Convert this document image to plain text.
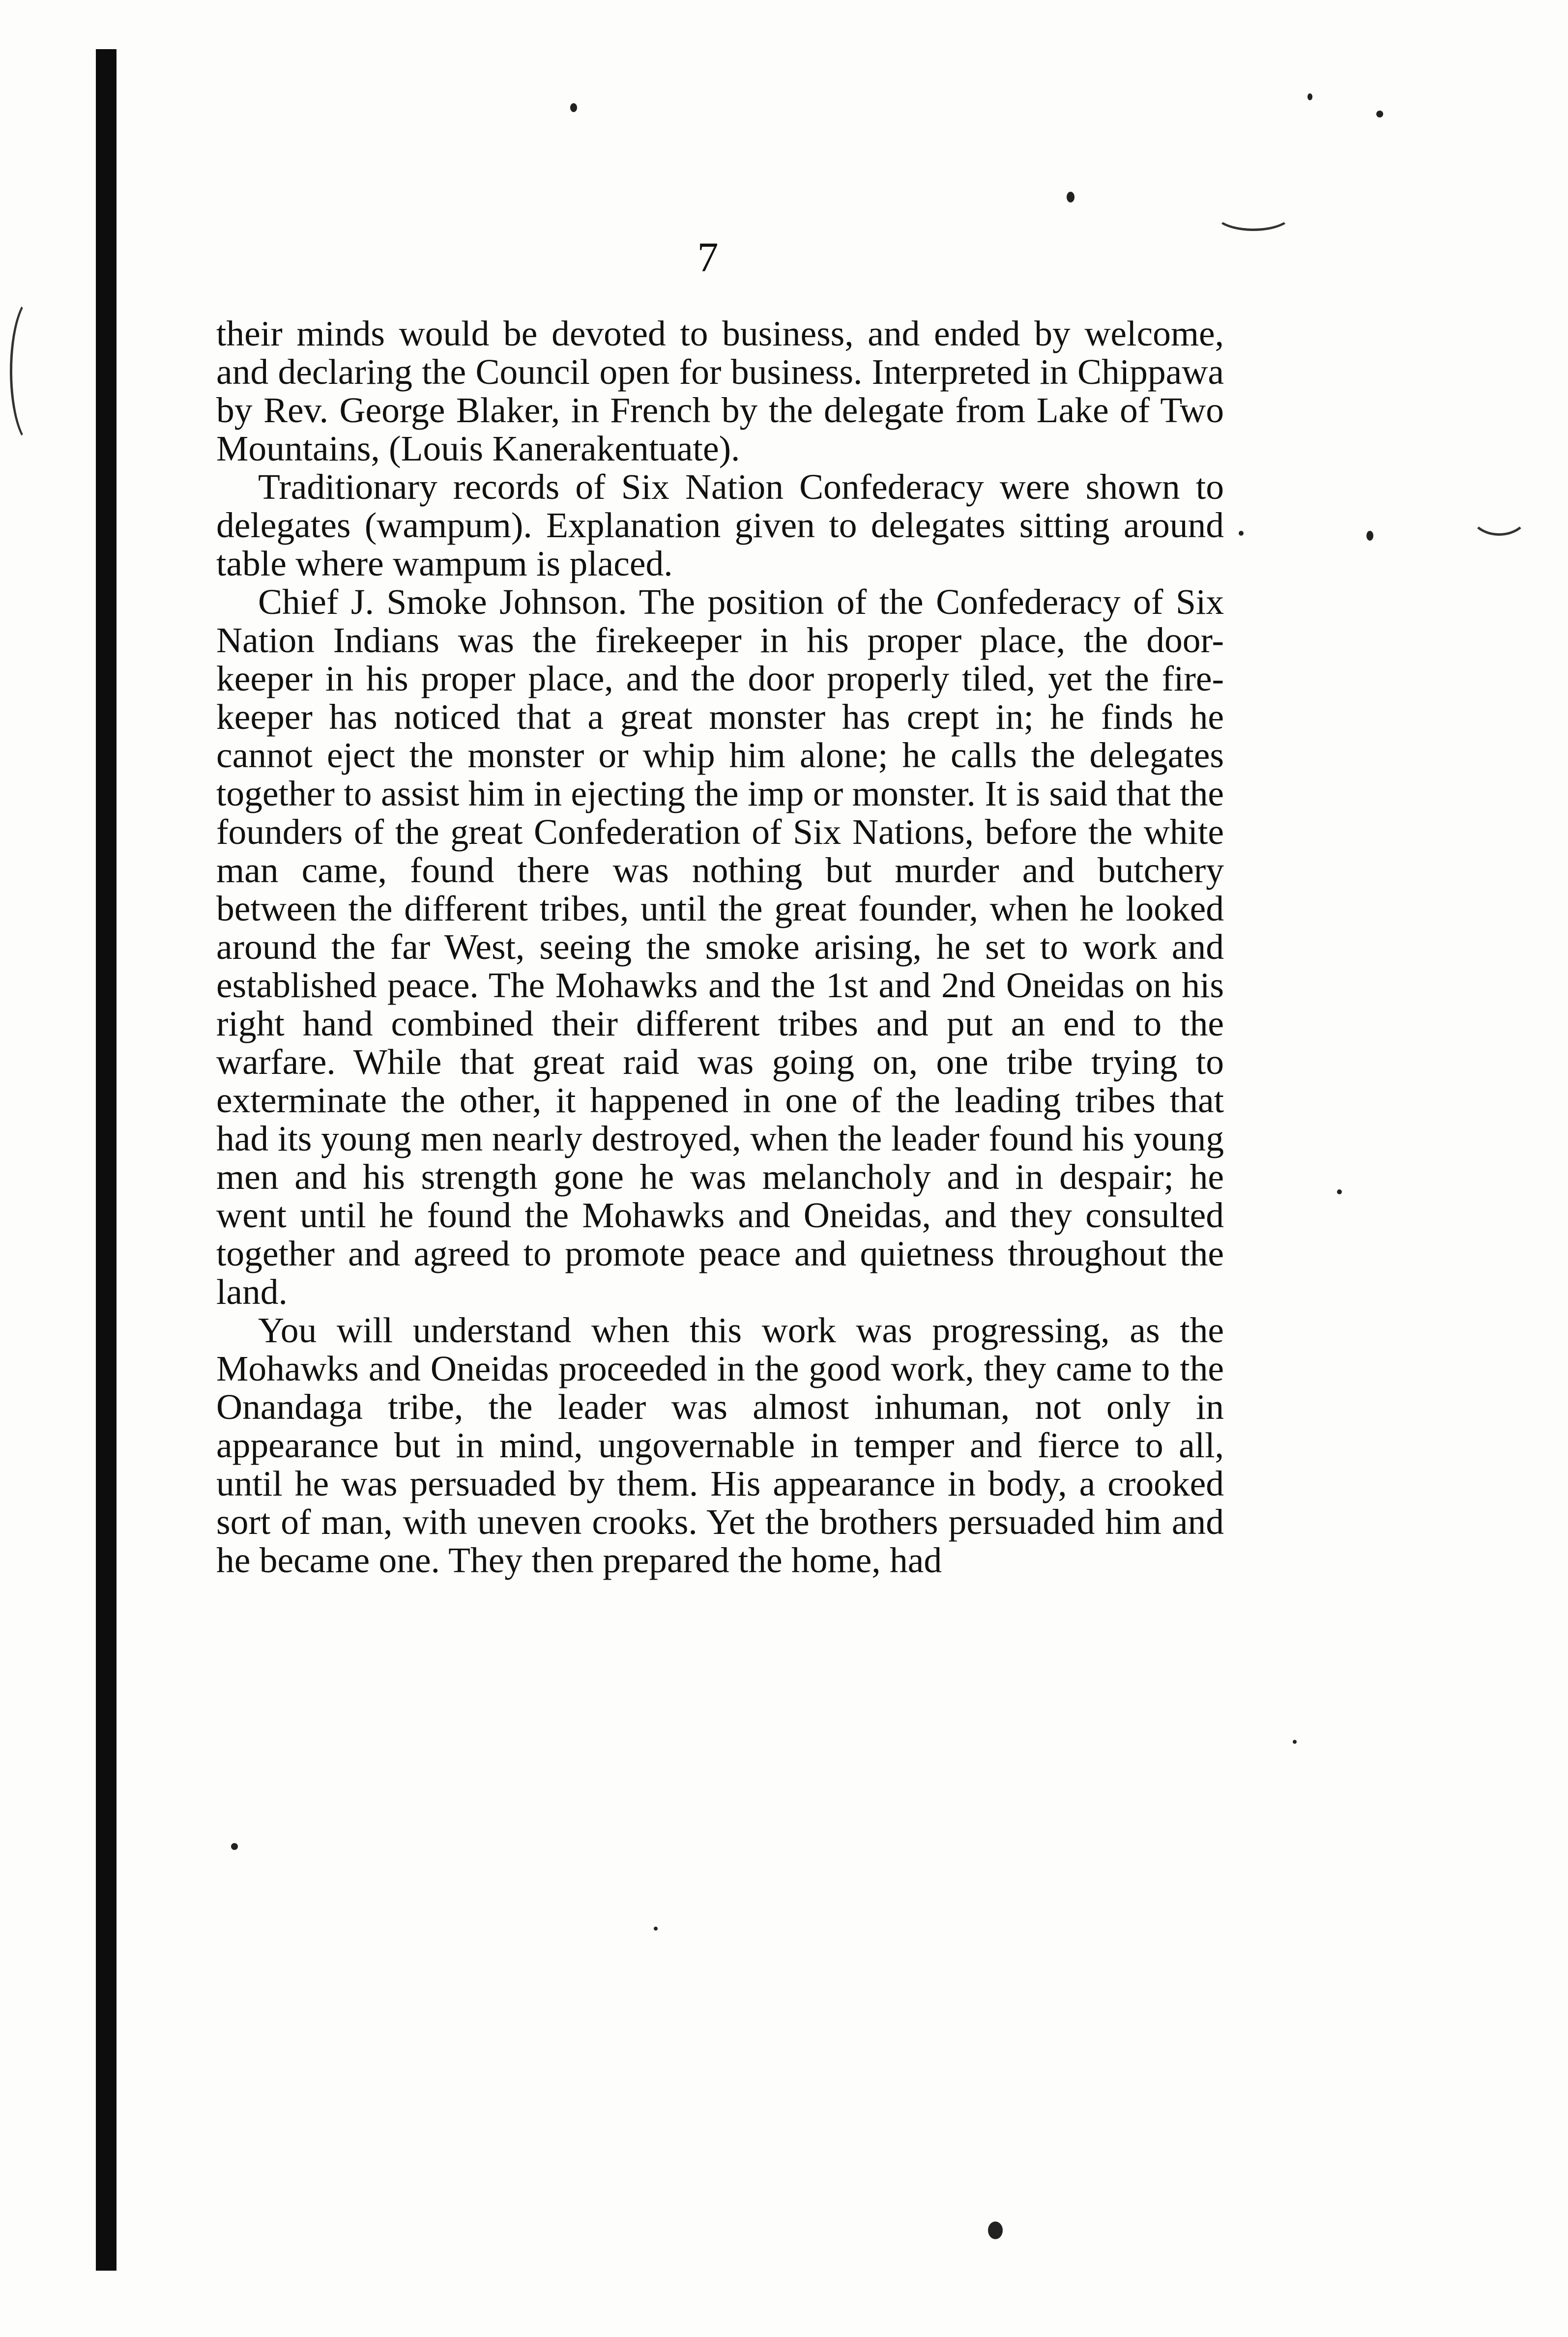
7

their minds would be devoted to business, and ended by welcome, and declaring the Council open for business. Interpreted in Chippawa by Rev. George Blaker, in French by the delegate from Lake of Two Mountains, (Louis Kanerakentuate).

Traditionary records of Six Nation Confederacy were shown to delegates (wampum). Explanation given to delegates sitting around table where wampum is placed.

Chief J. Smoke Johnson. The position of the Confederacy of Six Nation Indians was the firekeeper in his proper place, the door-keeper in his proper place, and the door properly tiled, yet the fire-keeper has noticed that a great monster has crept in; he finds he cannot eject the monster or whip him alone; he calls the delegates together to assist him in ejecting the imp or monster. It is said that the founders of the great Confederation of Six Nations, before the white man came, found there was nothing but murder and butchery between the different tribes, until the great founder, when he looked around the far West, seeing the smoke arising, he set to work and established peace. The Mohawks and the 1st and 2nd Oneidas on his right hand combined their different tribes and put an end to the warfare. While that great raid was going on, one tribe trying to exterminate the other, it happened in one of the leading tribes that had its young men nearly destroyed, when the leader found his young men and his strength gone he was melancholy and in despair; he went until he found the Mohawks and Oneidas, and they consulted together and agreed to promote peace and quietness throughout the land.

You will understand when this work was progressing, as the Mohawks and Oneidas proceeded in the good work, they came to the Onandaga tribe, the leader was almost inhuman, not only in appearance but in mind, ungovernable in temper and fierce to all, until he was persuaded by them. His appearance in body, a crooked sort of man, with uneven crooks. Yet the brothers persuaded him and he became one. They then prepared the home, had
